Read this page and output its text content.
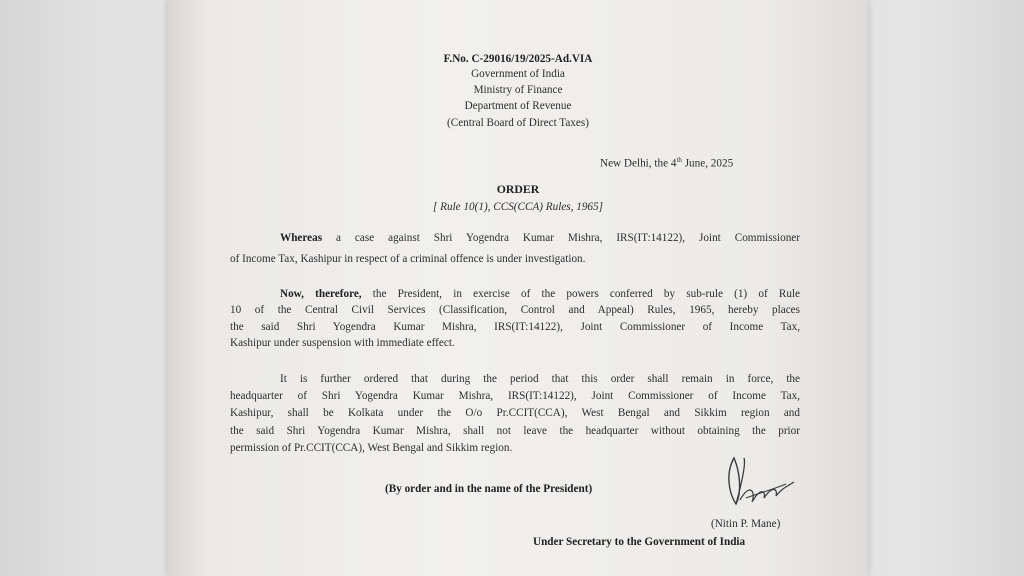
F.No. C-29016/19/2025-Ad.VIA
Government of India
Ministry of Finance
Department of Revenue
(Central Board of Direct Taxes)
New Delhi, the 4th June, 2025
ORDER
[ Rule 10(1), CCS(CCA) Rules, 1965]
Whereas a case against Shri Yogendra Kumar Mishra, IRS(IT:14122), Joint Commissioner
of Income Tax, Kashipur in respect of a criminal offence is under investigation.
Now, therefore, the President, in exercise of the powers conferred by sub-rule (1) of Rule
10 of the Central Civil Services (Classification, Control and Appeal) Rules, 1965, hereby places
the said Shri Yogendra Kumar Mishra, IRS(IT:14122), Joint Commissioner of Income Tax,
Kashipur under suspension with immediate effect.
It is further ordered that during the period that this order shall remain in force, the
headquarter of Shri Yogendra Kumar Mishra, IRS(IT:14122), Joint Commissioner of Income Tax,
Kashipur, shall be Kolkata under the O/o Pr.CCIT(CCA), West Bengal and Sikkim region and
the said Shri Yogendra Kumar Mishra, shall not leave the headquarter without obtaining the prior
permission of Pr.CCIT(CCA), West Bengal and Sikkim region.
(By order and in the name of the President)
(Nitin P. Mane)
Under Secretary to the Government of India
